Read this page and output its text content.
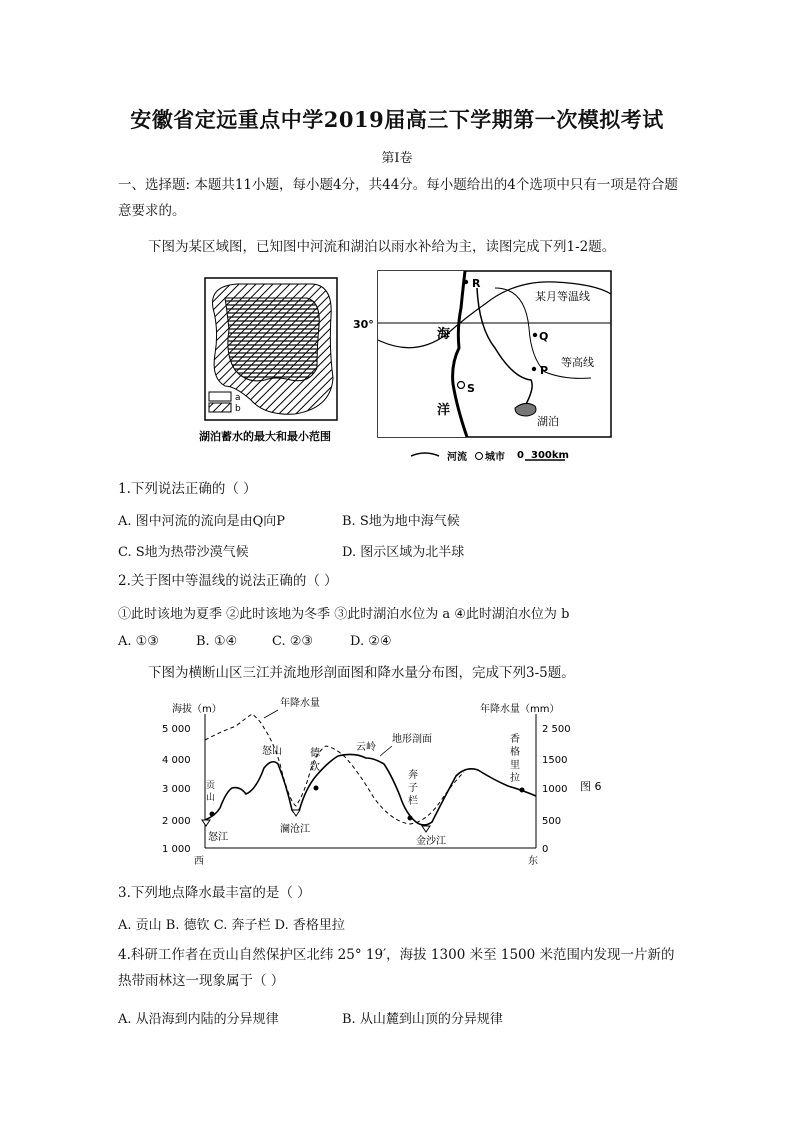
安徽省定远重点中学2019届高三下学期第一次模拟考试
第Ⅰ卷
一、选择题: 本题共11小题，每小题4分，共44分。每小题给出的4个选项中只有一项是符合题意要求的。
下图为某区域图，已知图中河流和湖泊以雨水补给为主，读图完成下列1-2题。
a
b
湖泊蓄水的最大和最小范围
30°
海
洋
R
Q
P
S
某月等温线
等高线
湖泊
河流 城市 0 300km
1.下列说法正确的（ ）
A. 图中河流的流向是由Q向P	B. S地为地中海气候
C. S地为热带沙漠气候	D. 图示区域为北半球
2.关于图中等温线的说法正确的（ ）
①此时该地为夏季 ②此时该地为冬季 ③此时湖泊水位为 a ④此时湖泊水位为 b
A. ①③	B. ①④	C. ②③	D. ②④
下图为横断山区三江并流地形剖面图和降水量分布图，完成下列3-5题。
海拔（m）	年降水量（mm）
5 000
4 000
3 000
2 000
1 000
2 500
1500
1000
500
0
年降水量
地形剖面
怒江
贡
山
怒山
澜沧江
德
钦
云岭
奔
子
栏
金沙江
香
格
里
拉
西	东
图 6
3.下列地点降水最丰富的是（ ）
A. 贡山 B. 德钦 C. 奔子栏 D. 香格里拉
4.科研工作者在贡山自然保护区北纬 25° 19′，海拔 1300 米至 1500 米范围内发现一片新的热带雨林这一现象属于（ ）
A. 从沿海到内陆的分异规律	B. 从山麓到山顶的分异规律
